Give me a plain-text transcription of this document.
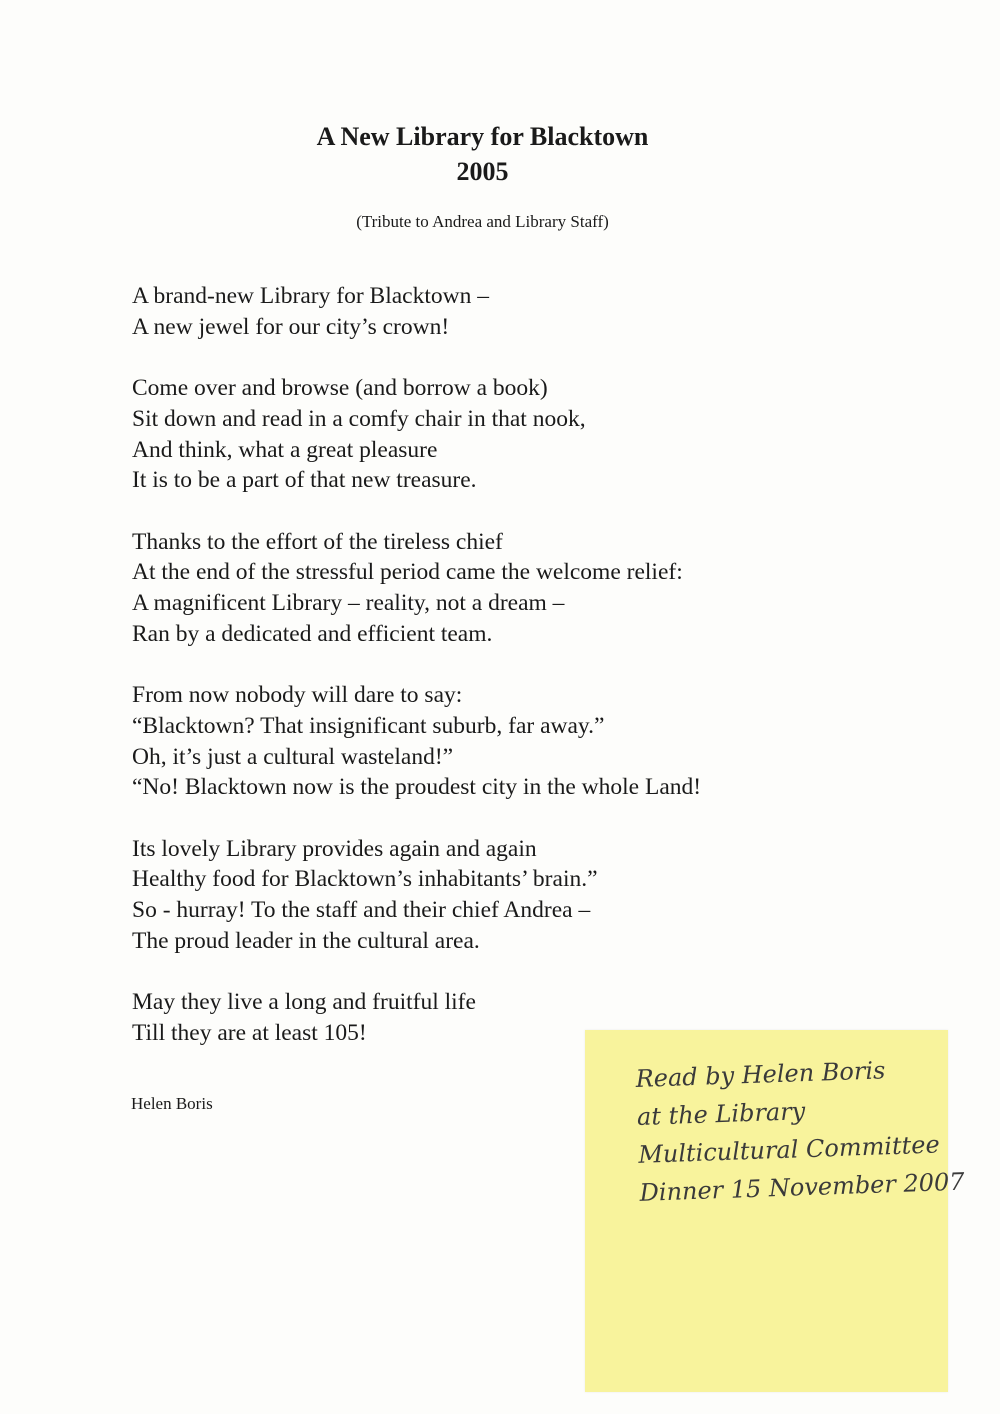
A New Library for Blacktown
2005
(Tribute to Andrea and Library Staff)
A brand-new Library for Blacktown –
A new jewel for our city’s crown!
Come over and browse (and borrow a book)
Sit down and read in a comfy chair in that nook,
And think, what a great pleasure
It is to be a part of that new treasure.
Thanks to the effort of the tireless chief
At the end of the stressful period came the welcome relief:
A magnificent Library – reality, not a dream –
Ran by a dedicated and efficient team.
From now nobody will dare to say:
“Blacktown? That insignificant suburb, far away.”
Oh, it’s just a cultural wasteland!”
“No! Blacktown now is the proudest city in the whole Land!
Its lovely Library provides again and again
Healthy food for Blacktown’s inhabitants’ brain.”
So - hurray! To the staff and their chief Andrea –
The proud leader in the cultural area.
May they live a long and fruitful life
Till they are at least 105!
Helen Boris
Read by Helen Boris
at the Library
Multicultural Committee
Dinner 15 November 2007
